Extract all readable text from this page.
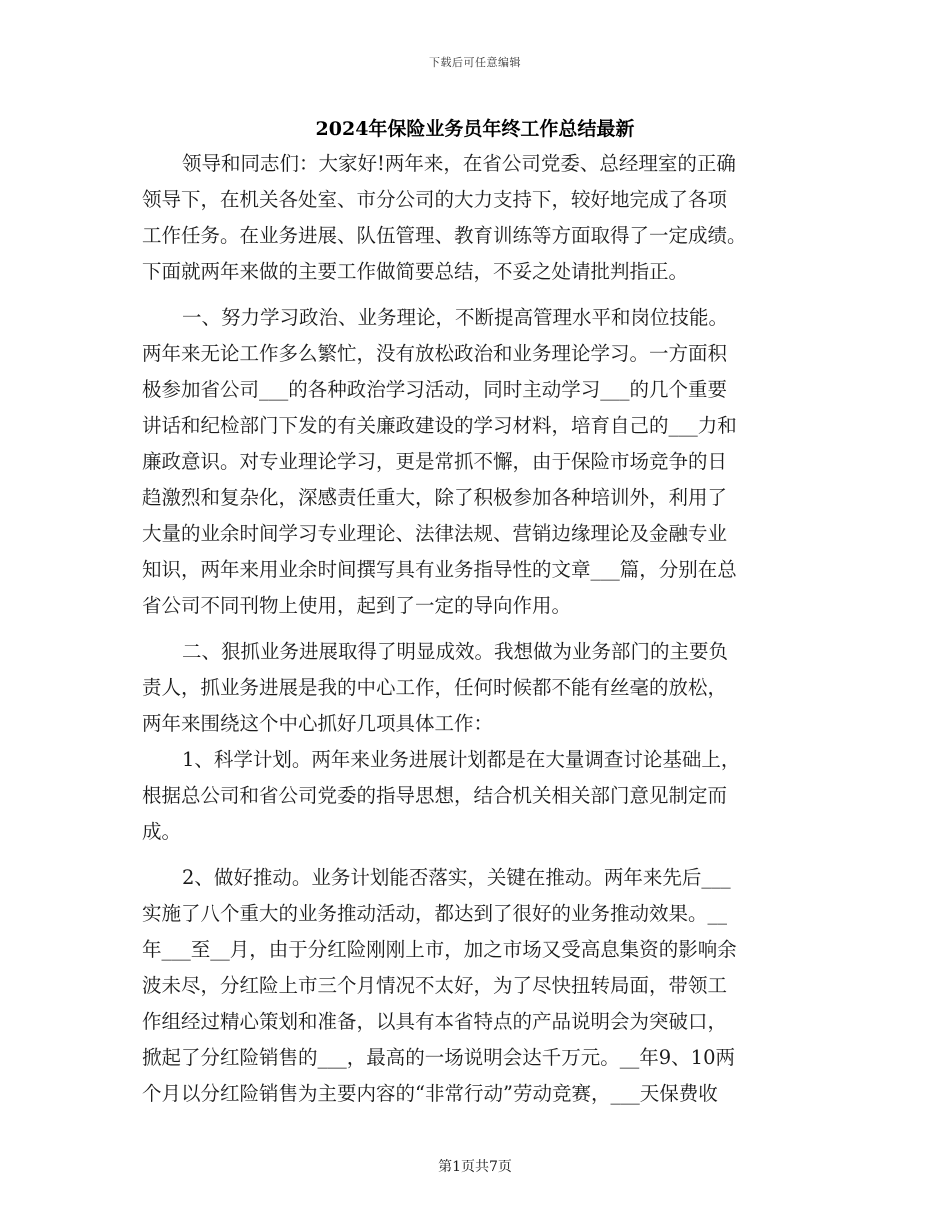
下载后可任意编辑
2024年保险业务员年终工作总结最新
领导和同志们：大家好!两年来，在省公司党委、总经理室的正确
领导下，在机关各处室、市分公司的大力支持下，较好地完成了各项
工作任务。在业务进展、队伍管理、教育训练等方面取得了一定成绩。
下面就两年来做的主要工作做简要总结，不妥之处请批判指正。
一、努力学习政治、业务理论，不断提高管理水平和岗位技能。
两年来无论工作多么繁忙，没有放松政治和业务理论学习。一方面积
极参加省公司___的各种政治学习活动，同时主动学习___的几个重要
讲话和纪检部门下发的有关廉政建设的学习材料，培育自己的___力和
廉政意识。对专业理论学习，更是常抓不懈，由于保险市场竞争的日
趋激烈和复杂化，深感责任重大，除了积极参加各种培训外，利用了
大量的业余时间学习专业理论、法律法规、营销边缘理论及金融专业
知识，两年来用业余时间撰写具有业务指导性的文章___篇，分别在总
省公司不同刊物上使用，起到了一定的导向作用。
二、狠抓业务进展取得了明显成效。我想做为业务部门的主要负
责人，抓业务进展是我的中心工作，任何时候都不能有丝毫的放松，
两年来围绕这个中心抓好几项具体工作：
1、科学计划。两年来业务进展计划都是在大量调查讨论基础上，
根据总公司和省公司党委的指导思想，结合机关相关部门意见制定而
成。
2、做好推动。业务计划能否落实，关键在推动。两年来先后___
实施了八个重大的业务推动活动，都达到了很好的业务推动效果。__
年___至__月，由于分红险刚刚上市，加之市场又受高息集资的影响余
波未尽，分红险上市三个月情况不太好，为了尽快扭转局面，带领工
作组经过精心策划和准备，以具有本省特点的产品说明会为突破口，
掀起了分红险销售的___，最高的一场说明会达千万元。__年9、10两
个月以分红险销售为主要内容的“非常行动”劳动竞赛，___天保费收
第1页共7页
